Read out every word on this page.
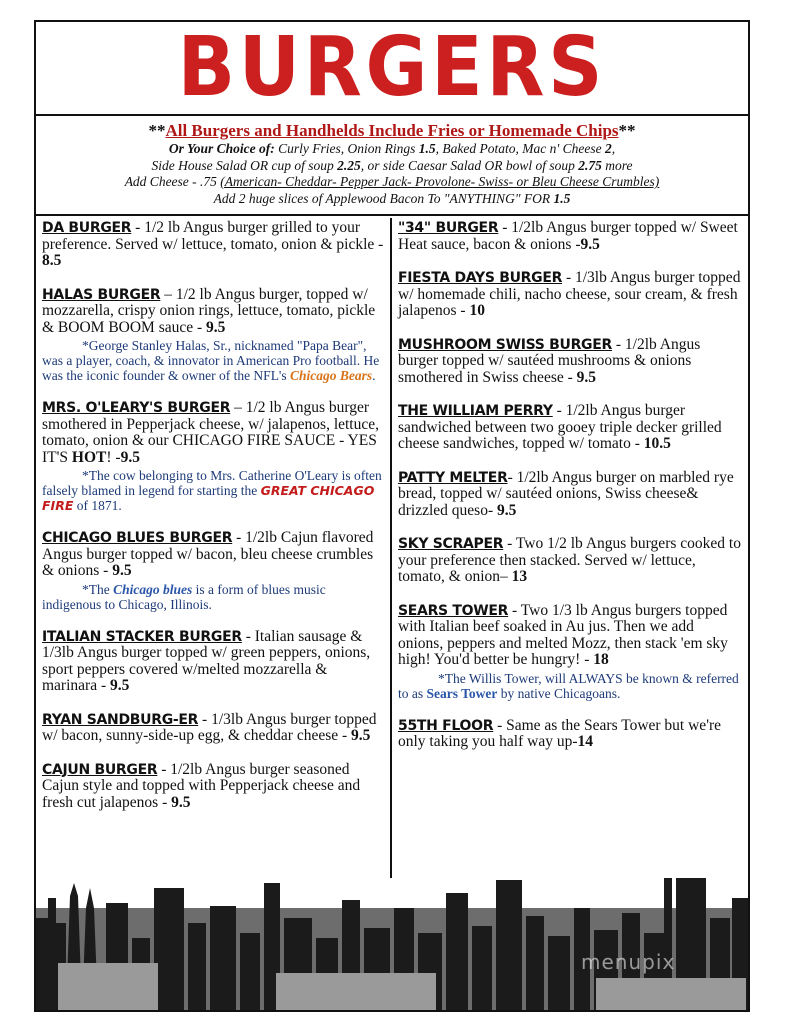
BURGERS
**All Burgers and Handhelds Include Fries or Homemade Chips**
Or Your Choice of: Curly Fries, Onion Rings 1.5, Baked Potato, Mac n' Cheese 2,
Side House Salad OR cup of soup 2.25, or side Caesar Salad OR bowl of soup 2.75 more
Add Cheese - .75 (American- Cheddar- Pepper Jack- Provolone- Swiss- or Bleu Cheese Crumbles)
Add 2 huge slices of Applewood Bacon To "ANYTHING" FOR 1.5
DA BURGER - 1/2 lb Angus burger grilled to your preference. Served w/ lettuce, tomato, onion & pickle - 8.5
HALAS BURGER – 1/2 lb Angus burger, topped w/ mozzarella, crispy onion rings, lettuce, tomato, pickle & BOOM BOOM sauce - 9.5
*George Stanley Halas, Sr., nicknamed "Papa Bear", was a player, coach, & innovator in American Pro football. He was the iconic founder & owner of the NFL's Chicago Bears.
MRS. O'LEARY'S BURGER – 1/2 lb Angus burger smothered in Pepperjack cheese, w/ jalapenos, lettuce, tomato, onion & our CHICAGO FIRE SAUCE - YES IT'S HOT! -9.5
*The cow belonging to Mrs. Catherine O'Leary is often falsely blamed in legend for starting the GREAT CHICAGO FIRE of 1871.
CHICAGO BLUES BURGER - 1/2lb Cajun flavored Angus burger topped w/ bacon, bleu cheese crumbles & onions - 9.5
*The Chicago blues is a form of blues music indigenous to Chicago, Illinois.
ITALIAN STACKER BURGER - Italian sausage & 1/3lb Angus burger topped w/ green peppers, onions, sport peppers covered w/melted mozzarella & marinara - 9.5
RYAN SANDBURG-ER - 1/3lb Angus burger topped w/ bacon, sunny-side-up egg, & cheddar cheese - 9.5
CAJUN BURGER - 1/2lb Angus burger seasoned Cajun style and topped with Pepperjack cheese and fresh cut jalapenos - 9.5
"34" BURGER - 1/2lb Angus burger topped w/ Sweet Heat sauce, bacon & onions -9.5
FIESTA DAYS BURGER - 1/3lb Angus burger topped w/ homemade chili, nacho cheese, sour cream, & fresh jalapenos - 10
MUSHROOM SWISS BURGER - 1/2lb Angus burger topped w/ sautéed mushrooms & onions smothered in Swiss cheese - 9.5
THE WILLIAM PERRY - 1/2lb Angus burger sandwiched between two gooey triple decker grilled cheese sandwiches, topped w/ tomato - 10.5
PATTY MELTER- 1/2lb Angus burger on marbled rye bread, topped w/ sautéed onions, Swiss cheese& drizzled queso- 9.5
SKY SCRAPER - Two 1/2 lb Angus burgers cooked to your preference then stacked. Served w/ lettuce, tomato, & onion– 13
SEARS TOWER - Two 1/3 lb Angus burgers topped with Italian beef soaked in Au jus. Then we add onions, peppers and melted Mozz, then stack 'em sky high! You'd better be hungry! - 18
*The Willis Tower, will ALWAYS be known & referred to as Sears Tower by native Chicagoans.
55TH FLOOR - Same as the Sears Tower but we're only taking you half way up-14
menupix
